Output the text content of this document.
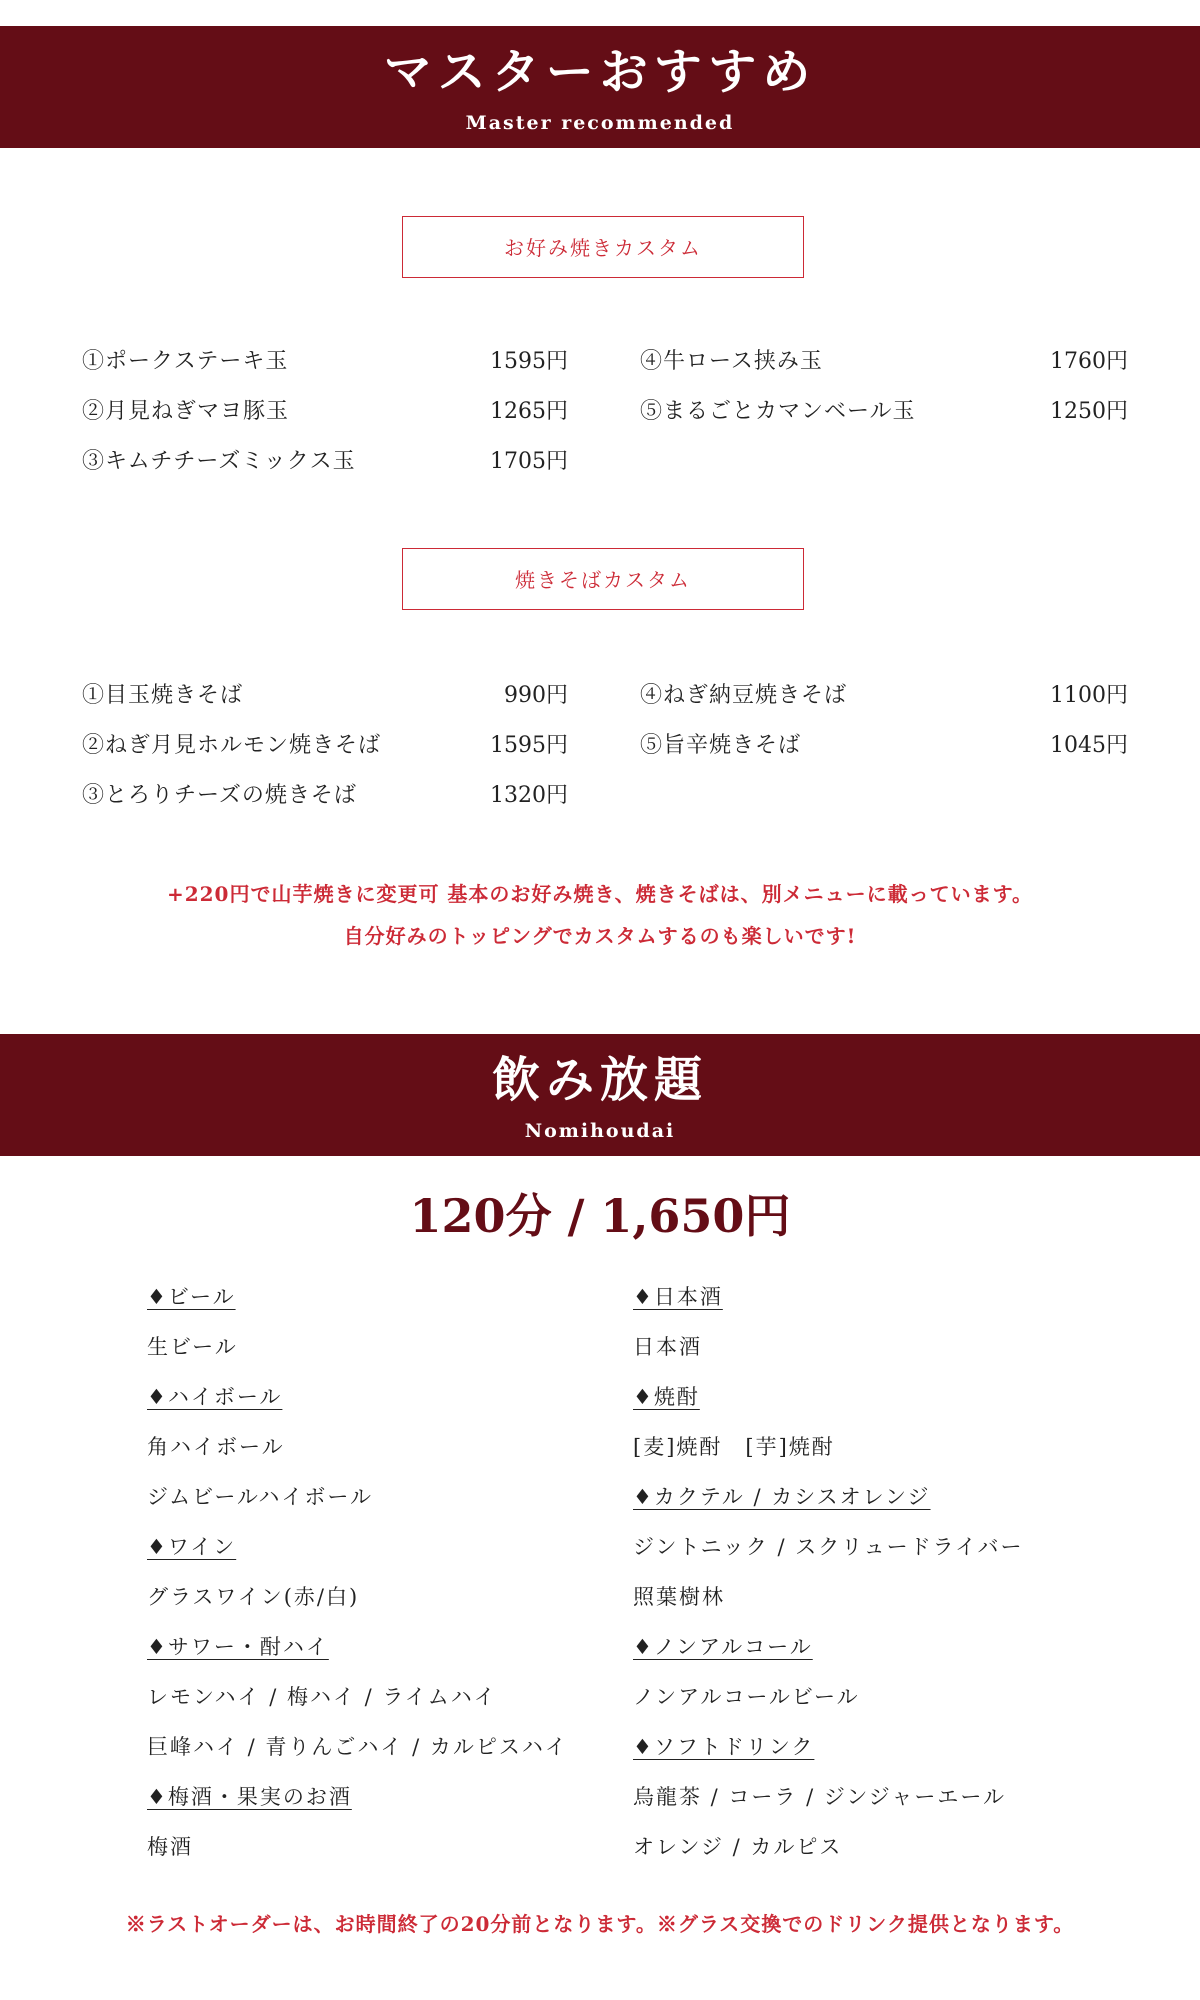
マスターおすすめ
Master recommended
お好み焼きカスタム
①ポークステーキ玉	1595円
②月見ねぎマヨ豚玉	1265円
③キムチチーズミックス玉	1705円
④牛ロース挟み玉	1760円
⑤まるごとカマンベール玉	1250円
焼きそばカスタム
①目玉焼きそば	990円
②ねぎ月見ホルモン焼きそば	1595円
③とろりチーズの焼きそば	1320円
④ねぎ納豆焼きそば	1100円
⑤旨辛焼きそば	1045円
+220円で山芋焼きに変更可 基本のお好み焼き、焼きそばは、別メニューに載っています。
自分好みのトッピングでカスタムするのも楽しいです!
飲み放題
Nomihoudai
120分 / 1,650円
♦ビール
生ビール
♦ハイボール
角ハイボール
ジムビールハイボール
♦ワイン
グラスワイン(赤/白)
♦サワー・酎ハイ
レモンハイ / 梅ハイ / ライムハイ
巨峰ハイ / 青りんごハイ / カルピスハイ
♦梅酒・果実のお酒
梅酒
♦日本酒
日本酒
♦焼酎
[麦]焼酎　[芋]焼酎
♦カクテル / カシスオレンジ
ジントニック / スクリュードライバー
照葉樹林
♦ノンアルコール
ノンアルコールビール
♦ソフトドリンク
烏龍茶 / コーラ / ジンジャーエール
オレンジ / カルピス
※ラストオーダーは、お時間終了の20分前となります。※グラス交換でのドリンク提供となります。
